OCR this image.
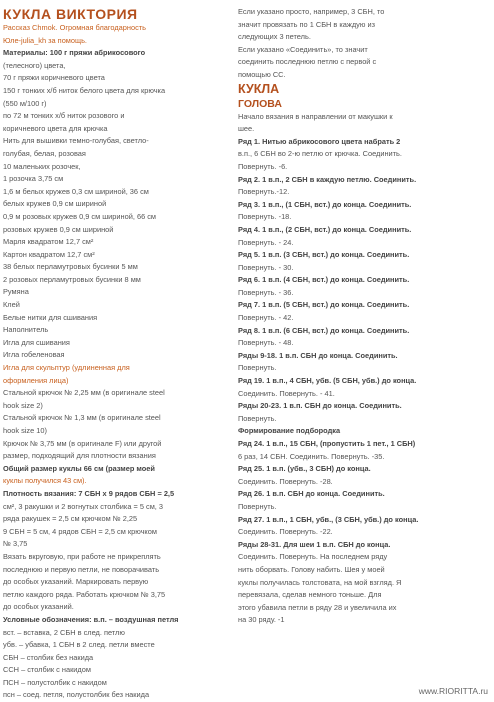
КУКЛА ВИКТОРИЯ
Рассказ Chmok. Огромная благодарность
Юле-julia_kh за помощь.
Материалы: 100 г пряжи абрикосового
(телесного) цвета,
70 г пряжи коричневого цвета
150 г тонких х/б ниток белого цвета для крючка
(550 м/100 г)
по 72 м тонких х/б ниток розового и
коричневого цвета для крючка
Нить для вышивки темно-голубая, светло-
голубая, белая, розовая
10 маленьких розочек,
1 розочка 3,75 см
1,6 м белых кружев 0,3 см шириной, 36 см
белых кружев 0,9 см шириной
0,9 м розовых кружев 0,9 см шириной, 66 см
розовых кружев 0,9 см шириной
Марля квадратом 12,7 см²
Картон квадратом 12,7 см²
38 белых перламутровых бусинки 5 мм
2 розовых перламутровых бусинки 8 мм
Румяна
Клей
Белые нитки для сшивания
Наполнитель
Игла для сшивания
Игла гобеленовая
Игла для скульптур (удлиненная для
оформления лица)
Стальной крючок № 2,25 мм (в оригинале steel
hook size 2)
Стальной крючок № 1,3 мм (в оригинале steel
hook size 10)
Крючок № 3,75 мм (в оригинале F) или другой
размер, подходящий для плотности вязания
Общий размер куклы 66 см (размер моей
куклы получился 43 см).
Плотность вязания: 7 СБН х 9 рядов СБН = 2,5
см², 3 ракушки и 2 вогнутых столбика = 5 см, 3
ряда ракушек = 2,5 см крючком № 2,25
9 СБН = 5 см, 4 рядов СБН = 2,5 см крючком
№ 3,75
Вязать вкруговую, при работе не прикреплять
последнюю и первую петли, не поворачивать
до особых указаний. Маркировать первую
петлю каждого ряда. Работать крючком № 3,75
до особых указаний.
Условные обозначения: в.п. – воздушная петля
вст. – вставка, 2 СБН в след. петлю
убв. – убавка, 1 СБН в 2 след. петли вместе
СБН – столбик без накида
ССН – столбик с накидом
ПСН – полустолбик с накидом
псн – соед. петля, полустолбик без накида
Если указано просто, например, 3 СБН, то
значит провязать по 1 СБН в каждую из
следующих 3 петель.
Если указано «Соединить», то значит
соединить последнюю петлю с первой с
помощью СС.
КУКЛА
ГОЛОВА
Начало вязания в направлении от макушки к
шее.
Ряд 1. Нитью абрикосового цвета набрать 2
в.п., 6 СБН во 2-ю петлю от крючка. Соединить.
Повернуть. -6.
Ряд 2. 1 в.п., 2 СБН в каждую петлю. Соединить.
Повернуть.-12.
Ряд 3. 1 в.п., (1 СБН, вст.) до конца. Соединить.
Повернуть. -18.
Ряд 4. 1 в.п., (2 СБН, вст.) до конца. Соединить.
Повернуть. - 24.
Ряд 5. 1 в.п. (3 СБН, вст.) до конца. Соединить.
Повернуть. - 30.
Ряд 6. 1 в.п. (4 СБН, вст.) до конца. Соединить.
Повернуть. - 36.
Ряд 7. 1 в.п. (5 СБН, вст.) до конца. Соединить.
Повернуть. - 42.
Ряд 8. 1 в.п. (6 СБН, вст.) до конца. Соединить.
Повернуть. - 48.
Ряды 9-18. 1 в.п. СБН до конца. Соединить.
Повернуть.
Ряд 19. 1 в.п., 4 СБН, убв. (5 СБН, убв.) до конца.
Соединить. Повернуть. - 41.
Ряды 20-23. 1 в.п. СБН до конца. Соединить.
Повернуть.
Формирование подбородка
Ряд 24. 1 в.п., 15 СБН, (пропустить 1 пет., 1 СБН)
6 раз, 14 СБН. Соединить. Повернуть. -35.
Ряд 25. 1 в.п. (убв., 3 СБН) до конца.
Соединить. Повернуть. -28.
Ряд 26. 1 в.п. СБН до конца. Соединить.
Повернуть.
Ряд 27. 1 в.п., 1 СБН, убв., (3 СБН, убв.) до конца.
Соединить. Повернуть. -22.
Ряды 28-31. Для шеи 1 в.п. СБН до конца.
Соединить. Повернуть. На последнем ряду
нить оборвать. Голову набить. Шея у моей
куклы получилась толстовата, на мой взгляд. Я
перевязала, сделав немного тоньше. Для
этого убавила петли в ряду 28 и увеличила их
на 30 ряду. -1
www.RIORITTA.ru
